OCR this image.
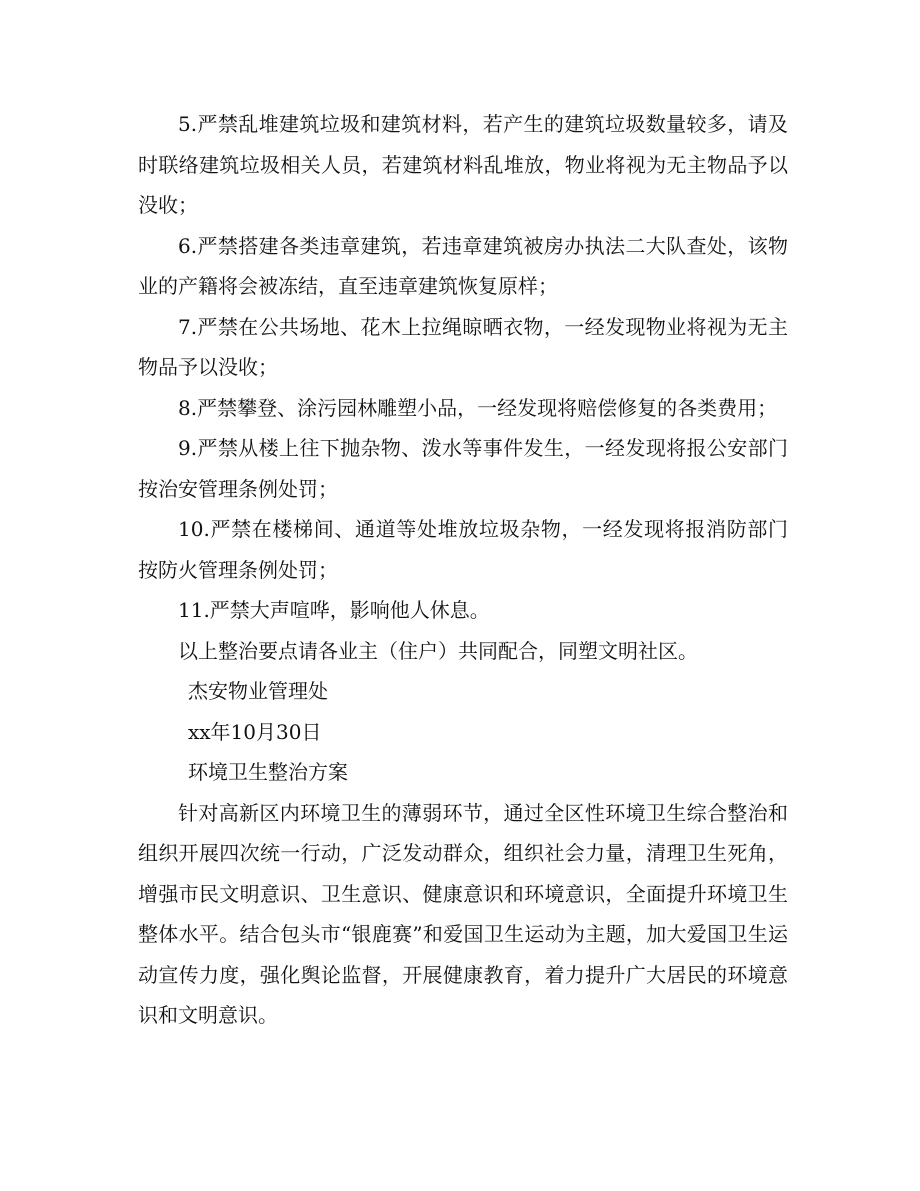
5.严禁乱堆建筑垃圾和建筑材料，若产生的建筑垃圾数量较多，请及时联络建筑垃圾相关人员，若建筑材料乱堆放，物业将视为无主物品予以没收；

6.严禁搭建各类违章建筑，若违章建筑被房办执法二大队查处，该物业的产籍将会被冻结，直至违章建筑恢复原样；

7.严禁在公共场地、花木上拉绳晾晒衣物，一经发现物业将视为无主物品予以没收；

8.严禁攀登、涂污园林雕塑小品，一经发现将赔偿修复的各类费用；

9.严禁从楼上往下抛杂物、泼水等事件发生，一经发现将报公安部门按治安管理条例处罚；

10.严禁在楼梯间、通道等处堆放垃圾杂物，一经发现将报消防部门按防火管理条例处罚；

11.严禁大声喧哗，影响他人休息。

以上整治要点请各业主（住户）共同配合，同塑文明社区。

杰安物业管理处

xx年10月30日

环境卫生整治方案

针对高新区内环境卫生的薄弱环节，通过全区性环境卫生综合整治和组织开展四次统一行动，广泛发动群众，组织社会力量，清理卫生死角，增强市民文明意识、卫生意识、健康意识和环境意识，全面提升环境卫生整体水平。结合包头市“银鹿赛”和爱国卫生运动为主题，加大爱国卫生运动宣传力度，强化舆论监督，开展健康教育，着力提升广大居民的环境意识和文明意识。
